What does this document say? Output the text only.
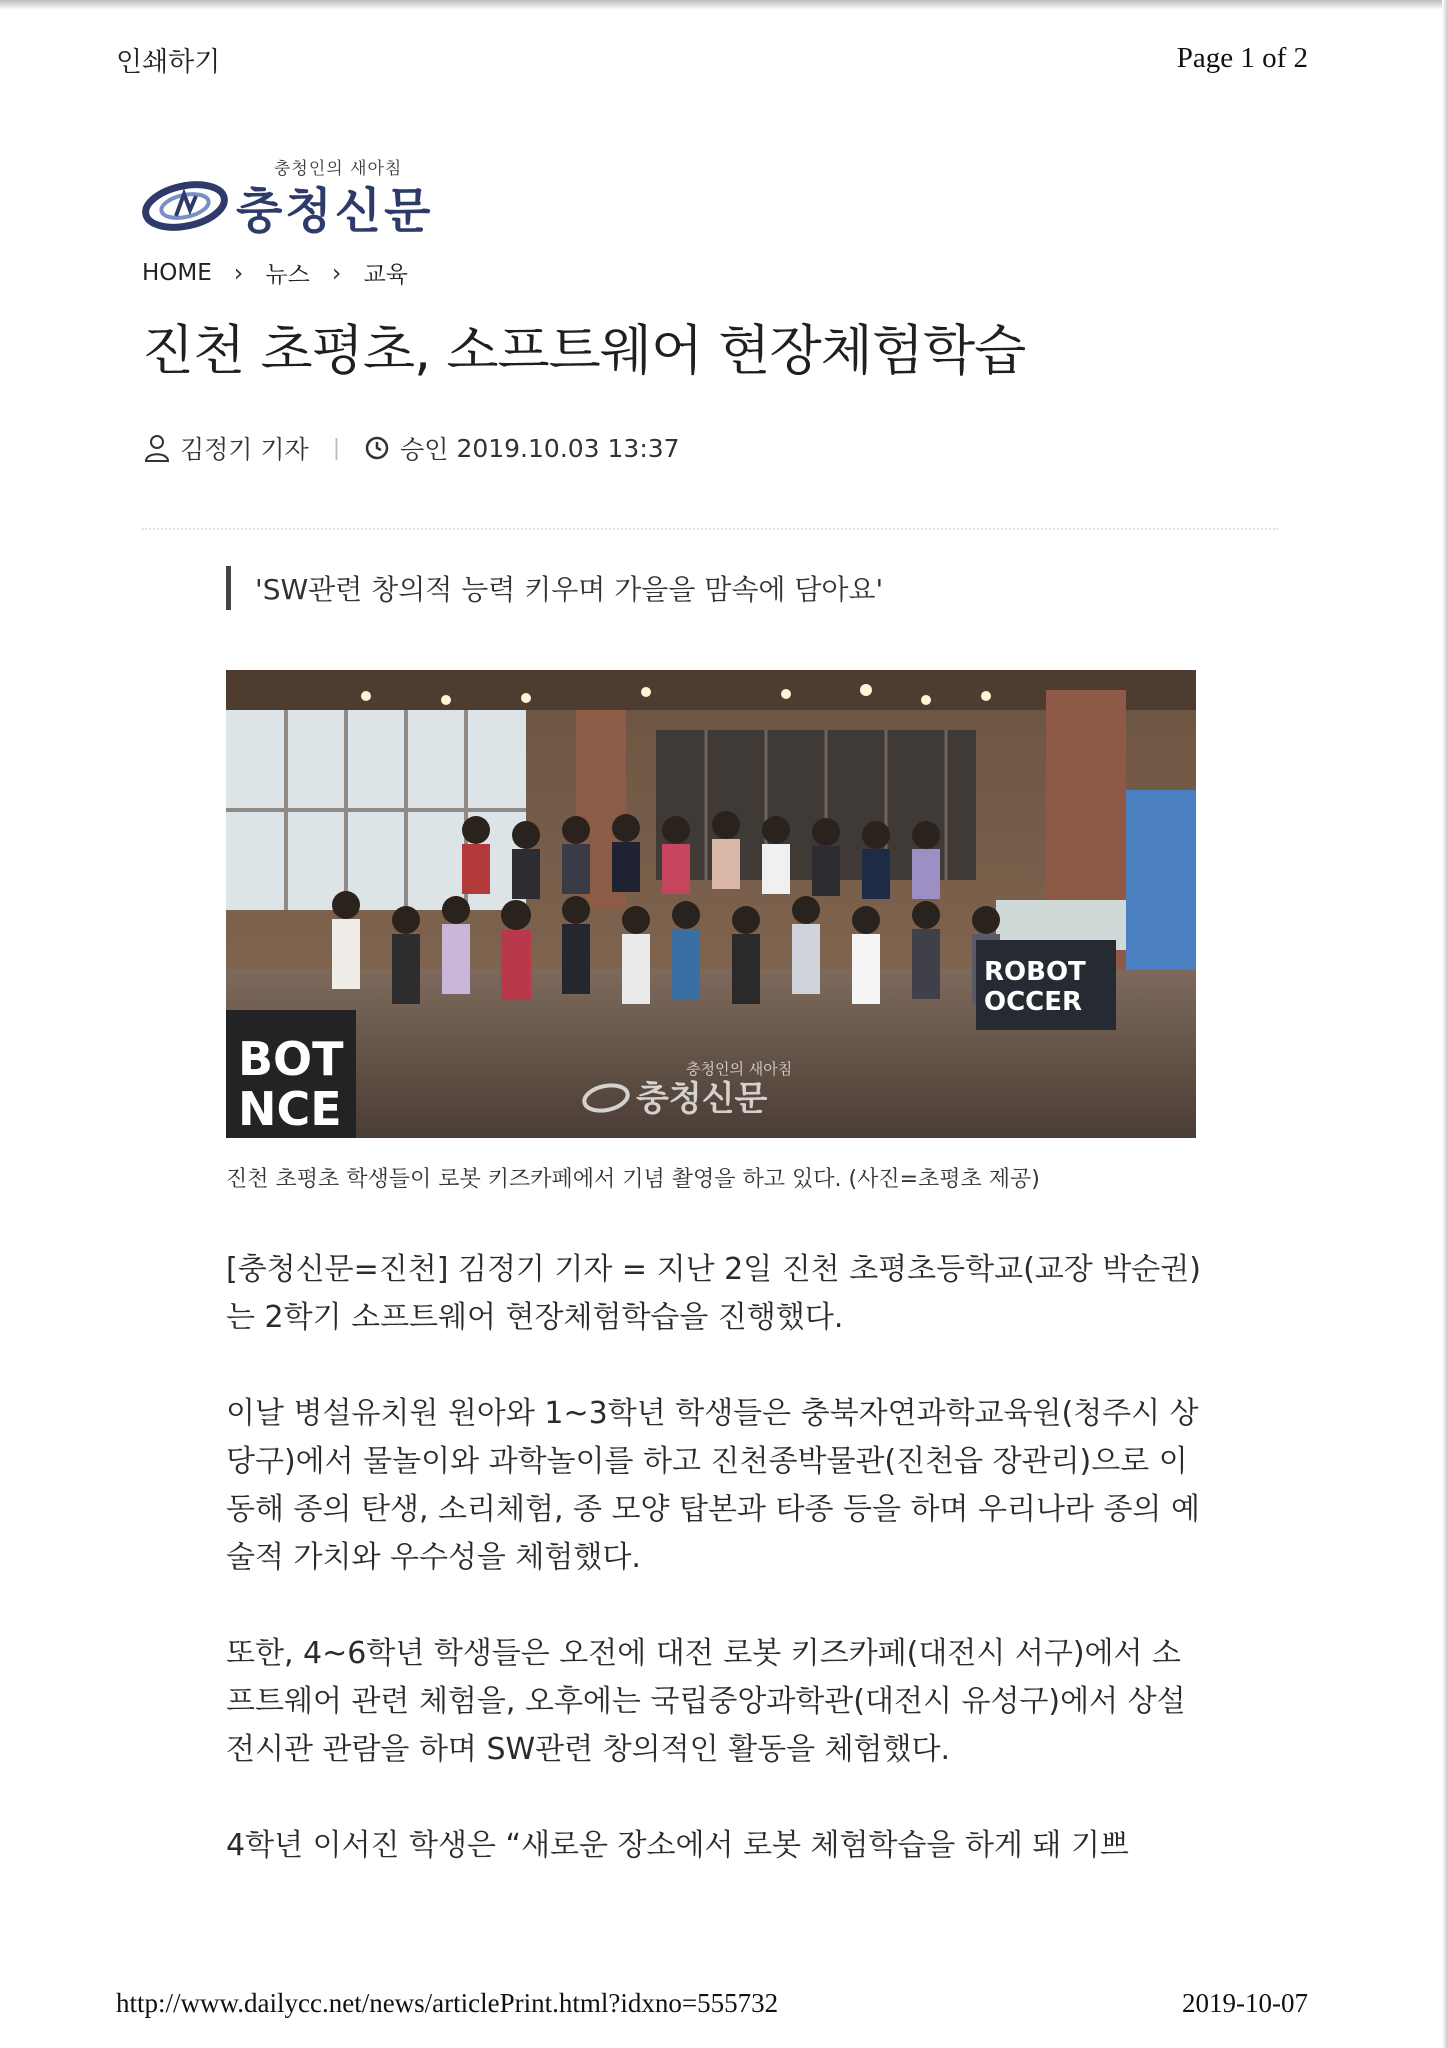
인쇄하기	Page 1 of 2
충청인의 새아침
충청신문
HOME › 뉴스 › 교육
진천 초평초, 소프트웨어 현장체험학습
김정기 기자 | 승인 2019.10.03 13:37
'SW관련 창의적 능력 키우며 가을을 맘속에 담아요'
BOT
NCE
ROBOT
OCCER
충청인의 새아침
충청신문
진천 초평초 학생들이 로봇 키즈카페에서 기념 촬영을 하고 있다. (사진=초평초 제공)

[충청신문=진천] 김정기 기자 = 지난 2일 진천 초평초등학교(교장 박순권)는 2학기 소프트웨어 현장체험학습을 진행했다.

이날 병설유치원 원아와 1~3학년 학생들은 충북자연과학교육원(청주시 상당구)에서 물놀이와 과학놀이를 하고 진천종박물관(진천읍 장관리)으로 이동해 종의 탄생, 소리체험, 종 모양 탑본과 타종 등을 하며 우리나라 종의 예술적 가치와 우수성을 체험했다.

또한, 4~6학년 학생들은 오전에 대전 로봇 키즈카페(대전시 서구)에서 소프트웨어 관련 체험을, 오후에는 국립중앙과학관(대전시 유성구)에서 상설전시관 관람을 하며 SW관련 창의적인 활동을 체험했다.

4학년 이서진 학생은 “새로운 장소에서 로봇 체험학습을 하게 돼 기쁘

http://www.dailycc.net/news/articlePrint.html?idxno=555732	2019-10-07
